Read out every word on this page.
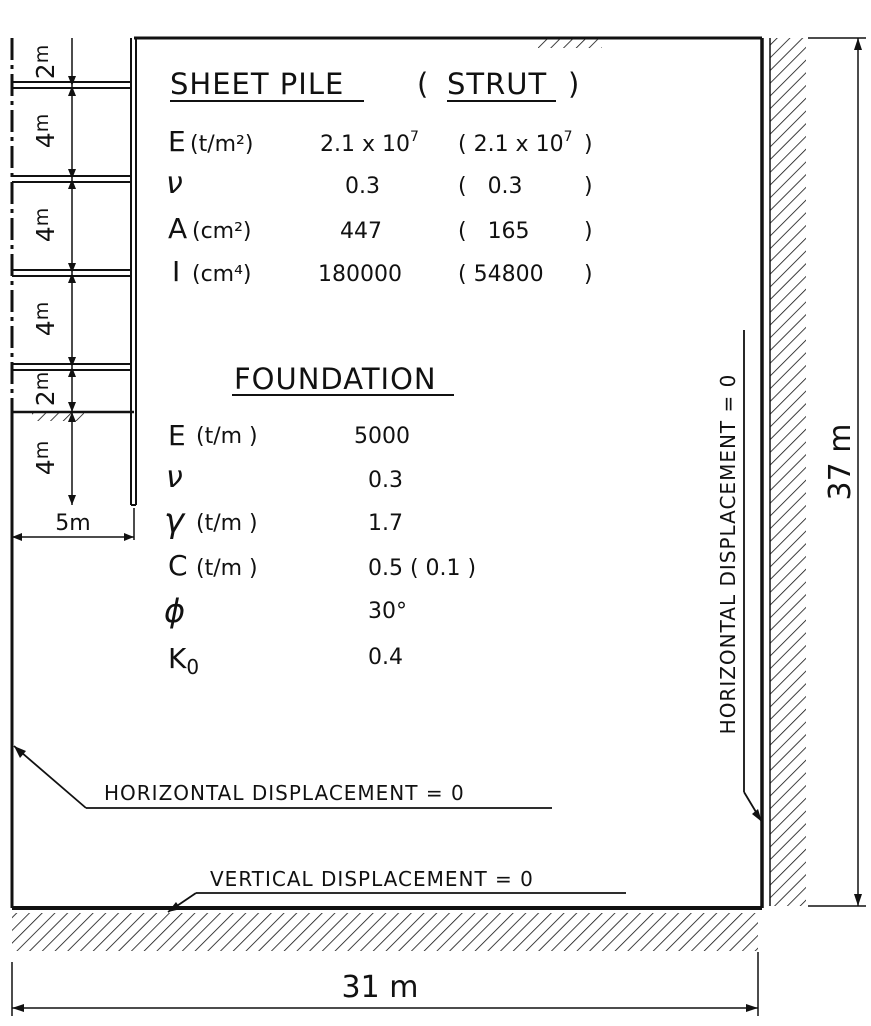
2$^m$
4$^m$
4$^m$
4$^m$
2$^m$
4$^m$
5m
SHEET PILE	( STRUT )
E (t/m²)	2.1 x $10^7$ ( 2.1 x $10^7$ )
ν	0.3	(   0.3	)
A (cm²)	447	(   165 )
I (cm⁴)	180000	( 54800 )
FOUNDATION
E (t/m )	5000
ν	0.3
γ (t/m )	1.7
C (t/m )	0.5 ( 0.1 )
ϕ	30°
$K_0$	0.4
HORIZONTAL DISPLACEMENT = 0
VERTICAL DISPLACEMENT = 0
HORIZONTAL DISPLACEMENT = 0	37 m
31 m
